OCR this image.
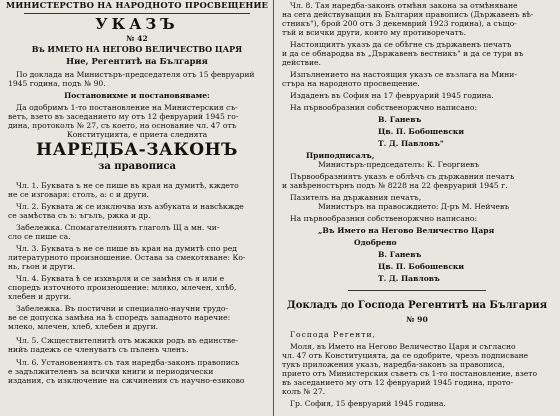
МИНИСТЕРСТВО НА НАРОДНОТО ПРОСВЕЩЕНИЕ
УКАЗЪ
№ 42
Въ ИМЕТО НА НЕГОВО ВЕЛИЧЕСТВО ЦАРЯ
Ние, Регентитѣ на България
По доклада на Министъръ-председателя отъ 15 февруарий
1945 година, подъ № 90.
Постановихме и постановяваме:
Да одобримъ 1-то постановление на Министерския съ-
ветъ, взето въ заседанието му отъ 12 февруарий 1945 го-
дина, протоколъ № 27, съ което, на основание чл. 47 отъ
Конституцията, е приета следнята
НАРЕДБА-ЗАКОНЪ
за правописа
Чл. 1. Буквата ъ не се пише въ края на думитѣ, кждето
не се изговаря: столъ, а: с и други.
Чл. 2. Буквата ж се изключва изъ азбуката и навсѣкжде
се замѣства съ ъ: ъгълъ, ржка и др.
Забележка. Спомагателниятъ глаголъ Щ а мн. чи-
сло се пише са.
Чл. 3. Буквата ъ не се пише въ края на думитѣ спо ред
литературното произношение. Остава за смекотяване: Ко-
нь, гьон и други.
Чл. 4. Буквата ѣ се изхвърля и се замѣня съ я или е
споредъ източното произношение: мляко, млечен, хлѣб,
хлебен и други.
Забележка. Въ постични и специално-научни трудо-
ве се допуска замѣна на ѣ споредъ западното наречие:
млеко, млечен, хлеб, хлебен и други.
Чл. 5. Сжществителнитѣ отъ мжжки родъ въ единстве-
нийъ падежъ се членуватъ съ пъленъ членъ.
Чл. 6. Установениятъ съ тая наредба-законъ правопись
е задължителенъ за всички книги и периодически
издания, съ изключение на сжчинения съ научно-езиково
Чл. 8. Тая наредба-законъ отмѣня закона за отмѣняване
на сега действуващия въ България правописъ (Държавенъ вѣ-
стникъ"), брой 200 отъ 3 декемврий 1923 година), а също-
тъй и всички други, които му противоречатъ.
Настоящиятъ указъ да се обѣгне съ държавенъ печатъ
и да се обнародва въ „Държавенъ вестникъ" и да се тури въ
действие.
Изпълнението на настоящия указъ се възлага на Мини-
стъра на народното просвещение.
Издаденъ въ София на 17 февруарий 1945 година.
На първообразния собственоржчно написано:
В. Ганевъ
Цв. П. Бобошевски
Т. Д. Павловъ"
Приподписалъ,
Министъръ-председателъ: К. Георгиевъ
Първообразниятъ указъ е облѣчъ съ държавния печатъ
и завѣреностърнъ подъ № 8228 на 22 февруарий 1945 г.
Пазителъ на държавния печатъ,
Министъръ на правосждието: Д-ръ М. Нейчевъ
На първообразния собственоржчно написано:
„Въ Името на Негово Величество Царя
Одобрено
В. Ганевъ
Цв. П. Бобошевски
Т. Д. Павловъ
Докладъ до Господа Регентитѣ на България
№ 90
Господа Регенти,
Моля, въ Името на Негово Величество Царя и съгласно
чл. 47 отъ Конституцията, да се одобрите, чрезъ подписване
тукъ приложения указъ, наредба-законъ за правописа,
прието отъ Министерския съветъ съ 1-то постановление, взето
въ заседанието му отъ 12 февруарий 1945 година, прото-
колъ № 27.
Гр. София, 15 февруарий 1945 година.
